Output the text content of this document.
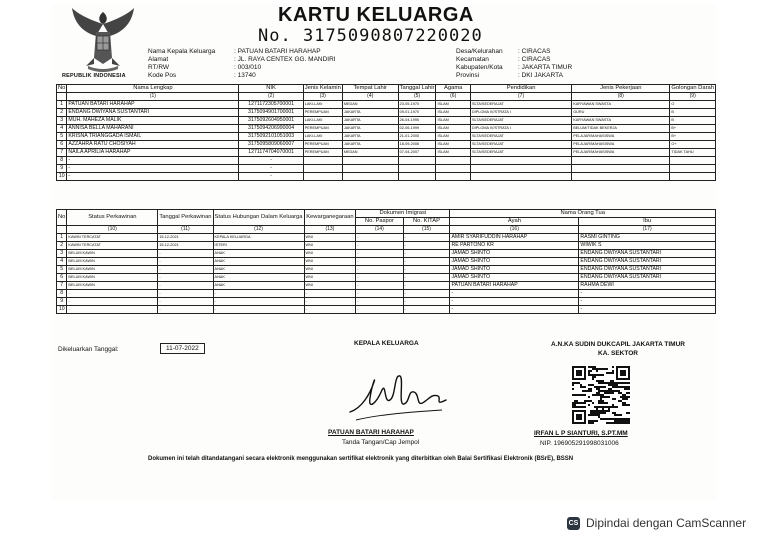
REPUBLIK INDONESIA
KARTU KELUARGA
No. 3175090807220020
Nama Kepala Keluarga	: PATUAN BATARI HARAHAP
Alamat	: JL. RAYA CENTEX GG. MANDIRI
RT/RW	: 003/010
Kode Pos	: 13740
Desa/Kelurahan	: CIRACAS
Kecamatan	: CIRACAS
Kabupaten/Kota	: JAKARTA TIMUR
Provinsi	: DKI JAKARTA
No	Nama Lengkap	NIK	Jenis Kelamin	Tempat Lahir	Tanggal Lahir	Agama	Pendidikan	Jenis Pekerjaan	Golongan Darah
	(1)	(2)	(3)	(4)	(5)	(6)	(7)	(8)	(9)
1	PATUAN BATARI HARAHAP	1271172305700001	LAKI-LAKI	MEDAN	23-05-1970	ISLAM	SLTA/SEDERAJAT	KARYAWAN SWASTA	O
2	ENDANG DWIYANA SUSTANTARI	3175094901700001	PEREMPUAN	JAKARTA	09-01-1970	ISLAM	DIPLOMA IV/STRATA I	GURU	B
3	MUH. MAHEZA MALIK	3175092604950001	LAKI-LAKI	JAKARTA	26-04-1995	ISLAM	SLTA/SEDERAJAT	KARYAWAN SWASTA	B
4	ANNISA BELLA MAHARANI	3175094206990004	PEREMPUAN	JAKARTA	02-06-1999	ISLAM	DIPLOMA IV/STRATA I	BELUM/TIDAK BEKERJA	B+
5	KRISNA TRIANGGADA ISMAIL	3175092101051003	LAKI-LAKI	JAKARTA	21-01-2005	ISLAM	SLTA/SEDERAJAT	PELAJAR/MAHASISWA	B+
6	AZZAHRA RATU CHOSIYAH	3175095809060007	PEREMPUAN	JAKARTA	18-09-2006	ISLAM	SLTA/SEDERAJAT	PELAJAR/MAHASISWA	O+
7	NAILA APRILIA HARAHAP	1271174704070001	PEREMPUAN	MEDAN	07-04-2007	ISLAM	SLTA/SEDERAJAT	PELAJAR/MAHASISWA	TIDAK TAHU
8	-	-							
9	-	-							
10	-	-							
No	Status Perkawinan	Tanggal Perkawinan	Status Hubungan Dalam Keluarga	Kewarganegaraan	Dokumen Imigrasi		Nama Orang Tua	
					No. Paspor	No. KITAP	Ayah	Ibu
	(10)	(11)	(12)	(13)	(14)	(15)	(16)	(17)
1	KAWIN TERCATAT	15-12-2021	KEPALA KELUARGA	WNI	-	-	AMIR SYARIFUDDIN HARAHAP	RASMI GINTING
2	KAWIN TERCATAT	15-12-2021	ISTERI	WNI	-	-	RE PARTONO KR	WIWIK S
3	BELUM KAWIN	-	ANAK	WNI	-	-	JAMAD SHINTO	ENDANG DWIYANA SUSTANTARI
4	BELUM KAWIN	-	ANAK	WNI	-	-	JAMAD SHINTO	ENDANG DWIYANA SUSTANTARI
5	BELUM KAWIN	-	ANAK	WNI	-	-	JAMAD SHINTO	ENDANG DWIYANA SUSTANTARI
6	BELUM KAWIN	-	ANAK	WNI	-	-	JAMAD SHINTO	ENDANG DWIYANA SUSTANTARI
7	BELUM KAWIN	-	ANAK	WNI	-	-	PATUAN BATARI HARAHAP	RAHMA DEWI
8	-	-	-	-	-	-	-	-
9	-	-	-	-	-	-	-	-
10	-	-	-	-	-	-	-	-
Dikeluarkan Tanggal:	11-07-2022
KEPALA KELUARGA
PATUAN BATARI HARAHAP
Tanda Tangan/Cap Jempol
A.N.KA SUDIN DUKCAPIL JAKARTA TIMUR
KA. SEKTOR
IRFAN L P SIANTURI, S.PT.MM
NIP. 196905291998031006
Dokumen ini telah ditandatangani secara elektronik menggunakan sertifikat elektronik yang diterbitkan oleh Balai Sertifikasi Elektronik (BSrE), BSSN
CS Dipindai dengan CamScanner
